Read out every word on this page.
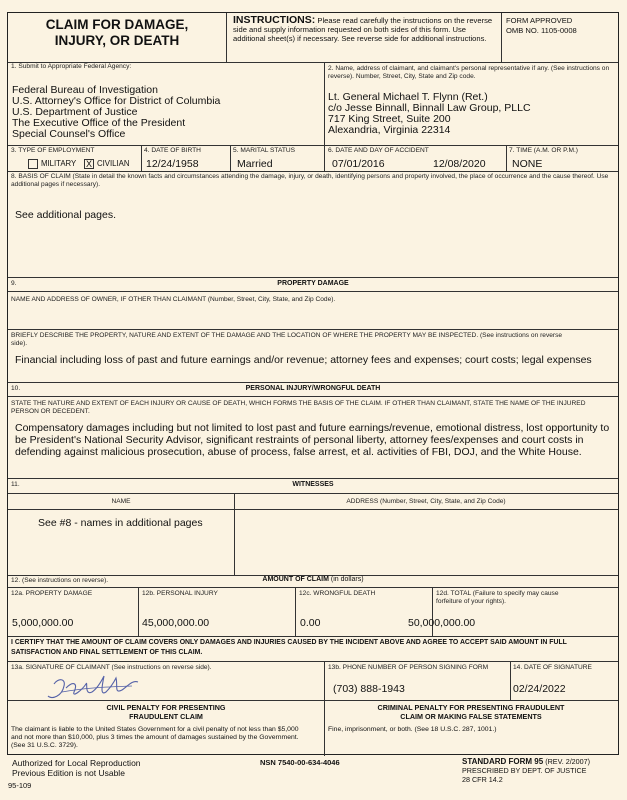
CLAIM FOR DAMAGE,
INJURY, OR DEATH
INSTRUCTIONS: Please read carefully the instructions on the reverse side and supply information requested on both sides of this form. Use additional sheet(s) if necessary. See reverse side for additional instructions.
FORM APPROVED
OMB NO. 1105-0008
1. Submit to Appropriate Federal Agency:
Federal Bureau of Investigation
U.S. Attorney's Office for District of Columbia
U.S. Department of Justice
The Executive Office of the President
Special Counsel's Office
2. Name, address of claimant, and claimant's personal representative if any. (See instructions on reverse). Number, Street, City, State and Zip code.
Lt. General Michael T. Flynn (Ret.)
c/o Jesse Binnall, Binnall Law Group, PLLC
717 King Street, Suite 200
Alexandria, Virginia 22314
3. TYPE OF EMPLOYMENT
MILITARY X CIVILIAN
4. DATE OF BIRTH
12/24/1958
5. MARITAL STATUS
Married
6. DATE AND DAY OF ACCIDENT
07/01/2016	12/08/2020
7. TIME (A.M. OR P.M.)
NONE
8. BASIS OF CLAIM (State in detail the known facts and circumstances attending the damage, injury, or death, identifying persons and property involved, the place of occurrence and the cause thereof. Use additional pages if necessary).
See additional pages.
9.	PROPERTY DAMAGE
NAME AND ADDRESS OF OWNER, IF OTHER THAN CLAIMANT (Number, Street, City, State, and Zip Code).
BRIEFLY DESCRIBE THE PROPERTY, NATURE AND EXTENT OF THE DAMAGE AND THE LOCATION OF WHERE THE PROPERTY MAY BE INSPECTED. (See instructions on reverse side).
Financial including loss of past and future earnings and/or revenue; attorney fees and expenses; court costs; legal expenses
10.	PERSONAL INJURY/WRONGFUL DEATH
STATE THE NATURE AND EXTENT OF EACH INJURY OR CAUSE OF DEATH, WHICH FORMS THE BASIS OF THE CLAIM. IF OTHER THAN CLAIMANT, STATE THE NAME OF THE INJURED PERSON OR DECEDENT.
Compensatory damages including but not limited to lost past and future earnings/revenue, emotional distress, lost opportunity to be President's National Security Advisor, significant restraints of personal liberty, attorney fees/expenses and court costs in defending against malicious prosecution, abuse of process, false arrest, et al. activities of FBI, DOJ, and the White House.
11.	WITNESSES
NAME	ADDRESS (Number, Street, City, State, and Zip Code)
See #8 - names in additional pages
12. (See instructions on reverse).	AMOUNT OF CLAIM (in dollars)
12a. PROPERTY DAMAGE
5,000,000.00
12b. PERSONAL INJURY
45,000,000.00
12c. WRONGFUL DEATH
0.00
12d. TOTAL (Failure to specify may cause forfeiture of your rights).
50,000,000.00
I CERTIFY THAT THE AMOUNT OF CLAIM COVERS ONLY DAMAGES AND INJURIES CAUSED BY THE INCIDENT ABOVE AND AGREE TO ACCEPT SAID AMOUNT IN FULL SATISFACTION AND FINAL SETTLEMENT OF THIS CLAIM.
13a. SIGNATURE OF CLAIMANT (See instructions on reverse side).	13b. PHONE NUMBER OF PERSON SIGNING FORM
(703) 888-1943
14. DATE OF SIGNATURE
02/24/2022
CIVIL PENALTY FOR PRESENTING
FRAUDULENT CLAIM
The claimant is liable to the United States Government for a civil penalty of not less than $5,000 and not more than $10,000, plus 3 times the amount of damages sustained by the Government. (See 31 U.S.C. 3729).
CRIMINAL PENALTY FOR PRESENTING FRAUDULENT
CLAIM OR MAKING FALSE STATEMENTS
Fine, imprisonment, or both. (See 18 U.S.C. 287, 1001.)
Authorized for Local Reproduction
Previous Edition is not Usable
NSN 7540-00-634-4046	STANDARD FORM 95 (REV. 2/2007)
PRESCRIBED BY DEPT. OF JUSTICE
28 CFR 14.2
95-109
